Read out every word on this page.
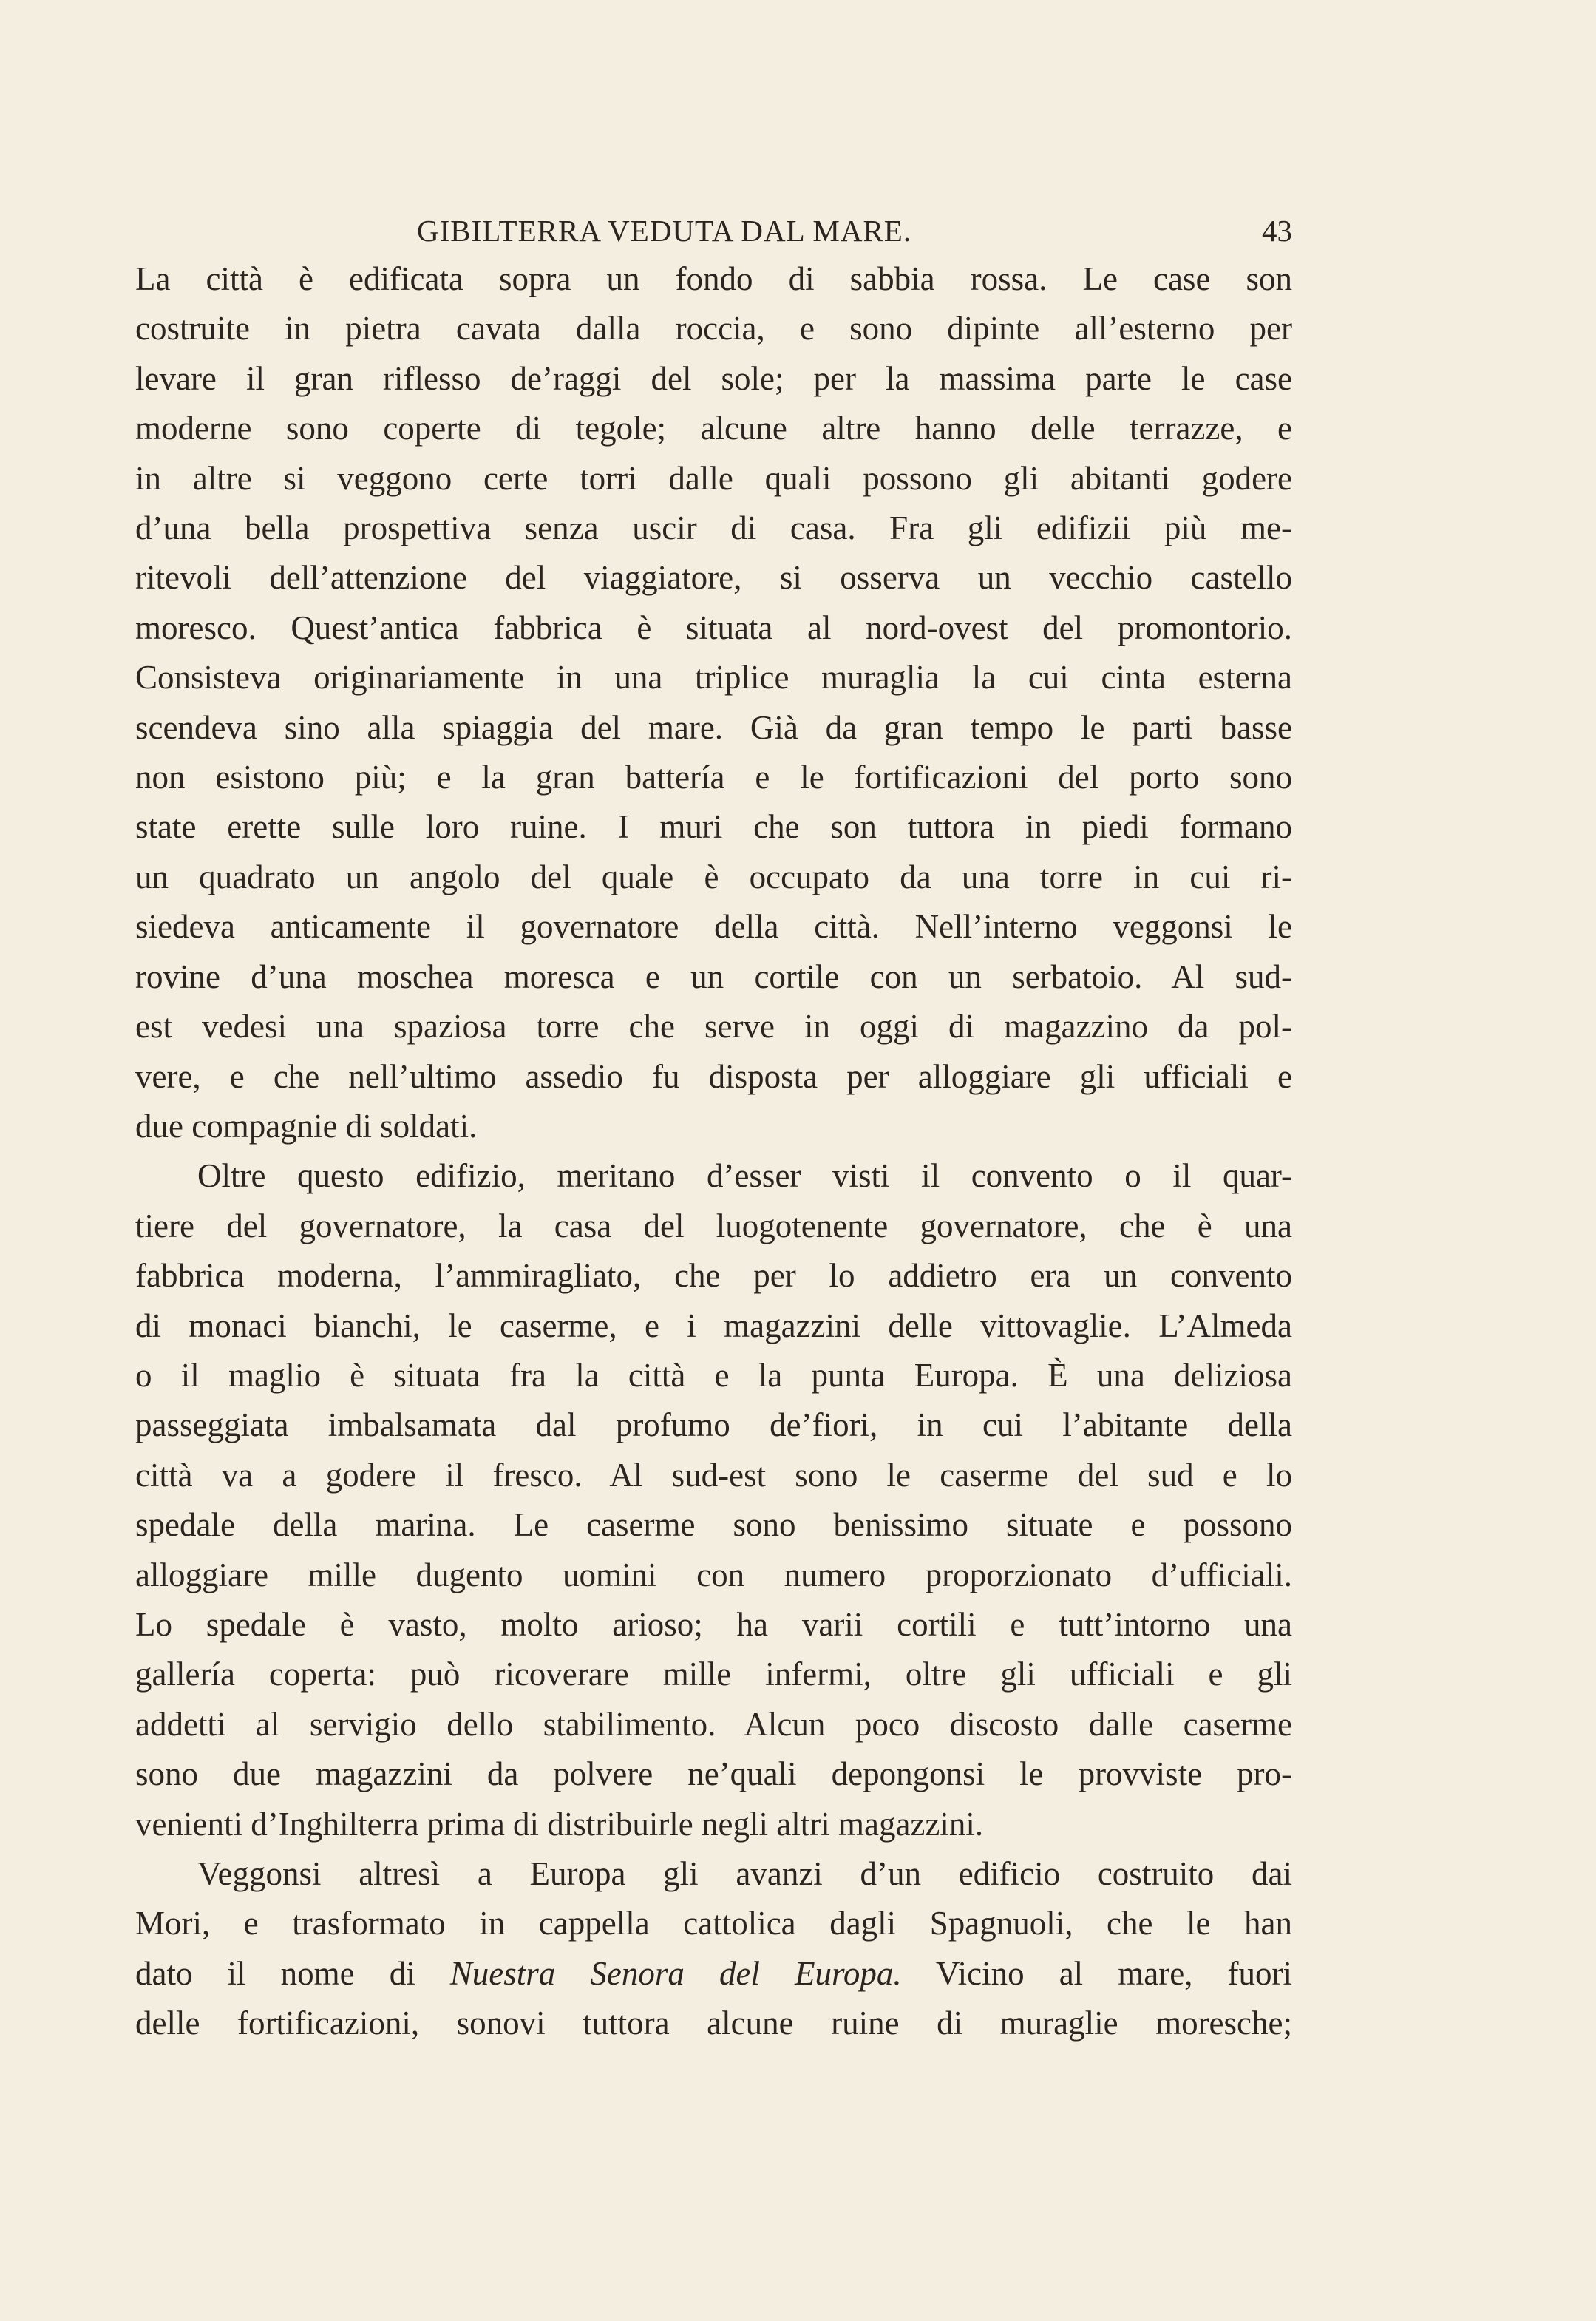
GIBILTERRA VEDUTA DAL MARE.	43
La città è edificata sopra un fondo di sabbia rossa. Le case son
costruite in pietra cavata dalla roccia, e sono dipinte all’esterno per
levare il gran riflesso de’raggi del sole; per la massima parte le case
moderne sono coperte di tegole; alcune altre hanno delle terrazze, e
in altre si veggono certe torri dalle quali possono gli abitanti godere
d’una bella prospettiva senza uscir di casa. Fra gli edifizii più me-
ritevoli dell’attenzione del viaggiatore, si osserva un vecchio castello
moresco. Quest’antica fabbrica è situata al nord-ovest del promontorio.
Consisteva originariamente in una triplice muraglia la cui cinta esterna
scendeva sino alla spiaggia del mare. Già da gran tempo le parti basse
non esistono più; e la gran battería e le fortificazioni del porto sono
state erette sulle loro ruine. I muri che son tuttora in piedi formano
un quadrato un angolo del quale è occupato da una torre in cui ri-
siedeva anticamente il governatore della città. Nell’interno veggonsi le
rovine d’una moschea moresca e un cortile con un serbatoio. Al sud-
est vedesi una spaziosa torre che serve in oggi di magazzino da pol-
vere, e che nell’ultimo assedio fu disposta per alloggiare gli ufficiali e
due compagnie di soldati.
Oltre questo edifizio, meritano d’esser visti il convento o il quar-
tiere del governatore, la casa del luogotenente governatore, che è una
fabbrica moderna, l’ammiragliato, che per lo addietro era un convento
di monaci bianchi, le caserme, e i magazzini delle vittovaglie. L’Almeda
o il maglio è situata fra la città e la punta Europa. È una deliziosa
passeggiata imbalsamata dal profumo de’fiori, in cui l’abitante della
città va a godere il fresco. Al sud-est sono le caserme del sud e lo
spedale della marina. Le caserme sono benissimo situate e possono
alloggiare mille dugento uomini con numero proporzionato d’ufficiali.
Lo spedale è vasto, molto arioso; ha varii cortili e tutt’intorno una
gallería coperta: può ricoverare mille infermi, oltre gli ufficiali e gli
addetti al servigio dello stabilimento. Alcun poco discosto dalle caserme
sono due magazzini da polvere ne’quali depongonsi le provviste pro-
venienti d’Inghilterra prima di distribuirle negli altri magazzini.
Veggonsi altresì a Europa gli avanzi d’un edificio costruito dai
Mori, e trasformato in cappella cattolica dagli Spagnuoli, che le han
dato il nome di Nuestra Senora del Europa. Vicino al mare, fuori
delle fortificazioni, sonovi tuttora alcune ruine di muraglie moresche;
